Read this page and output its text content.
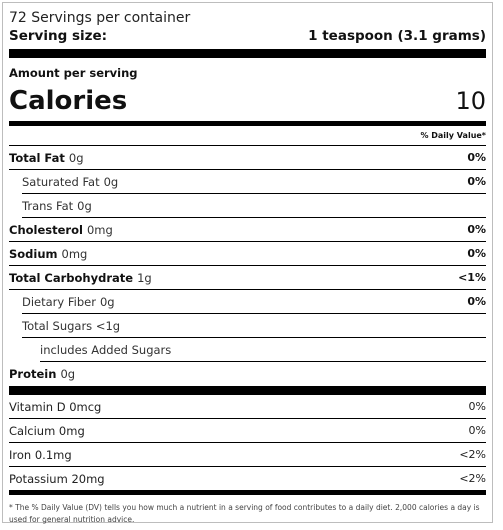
72 Servings per container
Serving size:	1 teaspoon (3.1 grams)
Amount per serving
Calories	10
% Daily Value*
Total Fat 0g	0%
Saturated Fat 0g	0%
Trans Fat 0g
Cholesterol 0mg	0%
Sodium 0mg	0%
Total Carbohydrate 1g	<1%
Dietary Fiber 0g	0%
Total Sugars <1g
includes Added Sugars
Protein 0g
Vitamin D 0mcg	0%
Calcium 0mg	0%
Iron 0.1mg	<2%
Potassium 20mg	<2%
* The % Daily Value (DV) tells you how much a nutrient in a serving of food contributes to a daily diet. 2,000 calories a day is used for general nutrition advice.
